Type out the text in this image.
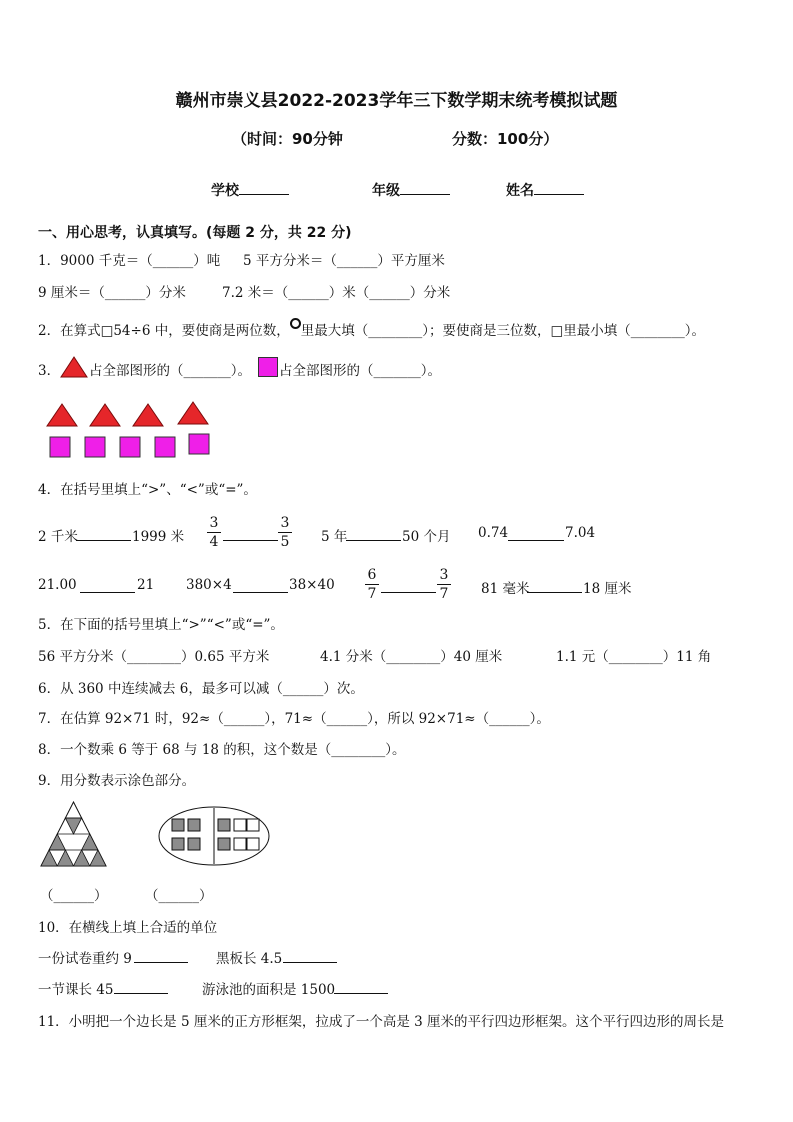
赣州市崇义县2022-2023学年三下数学期末统考模拟试题
（时间：90分钟	分数：100分）
学校	年级	姓名
一、用心思考，认真填写。(每题 2 分，共 22 分)
1．9000 千克＝（______）吨 5 平方分米＝（______）平方厘米
9 厘米＝（______）分米	7.2 米＝（______）米（______）分米
2．在算式□54÷6 中，要使商是两位数， 里最大填（________）；要使商是三位数，□里最小填（________）。
3． 占全部图形的（_______）。 占全部图形的（_______）。
4．在括号里填上“>”、“<”或“=”。
2 千米	1999 米 $\frac{3}{4}$	$\frac{3}{5} 5$ 年	50 个月 0.74	7.04
21.00	21 380×4	$38\times 40 \frac{6}{7}$	$\frac{3}{7} 81$ 毫米	18 厘米
5．在下面的括号里填上“>”“<”或“=”。
56 平方分米（________）0.65 平方米	4.1 分米（________）40 厘米	1.1 元（________）11 角
6．从 360 中连续减去 6，最多可以减（______）次。
7．在估算 92×71 时，92≈（______），71≈（______），所以 92×71≈（______）。
8．一个数乘 6 等于 68 与 18 的积，这个数是（________）。
9．用分数表示涂色部分。
（______）	（______）
10．在横线上填上合适的单位
一份试卷重约 9	黑板长 4.5
一节课长 45	游泳池的面积是 1500
11．小明把一个边长是 5 厘米的正方形框架，拉成了一个高是 3 厘米的平行四边形框架。这个平行四边形的周长是
